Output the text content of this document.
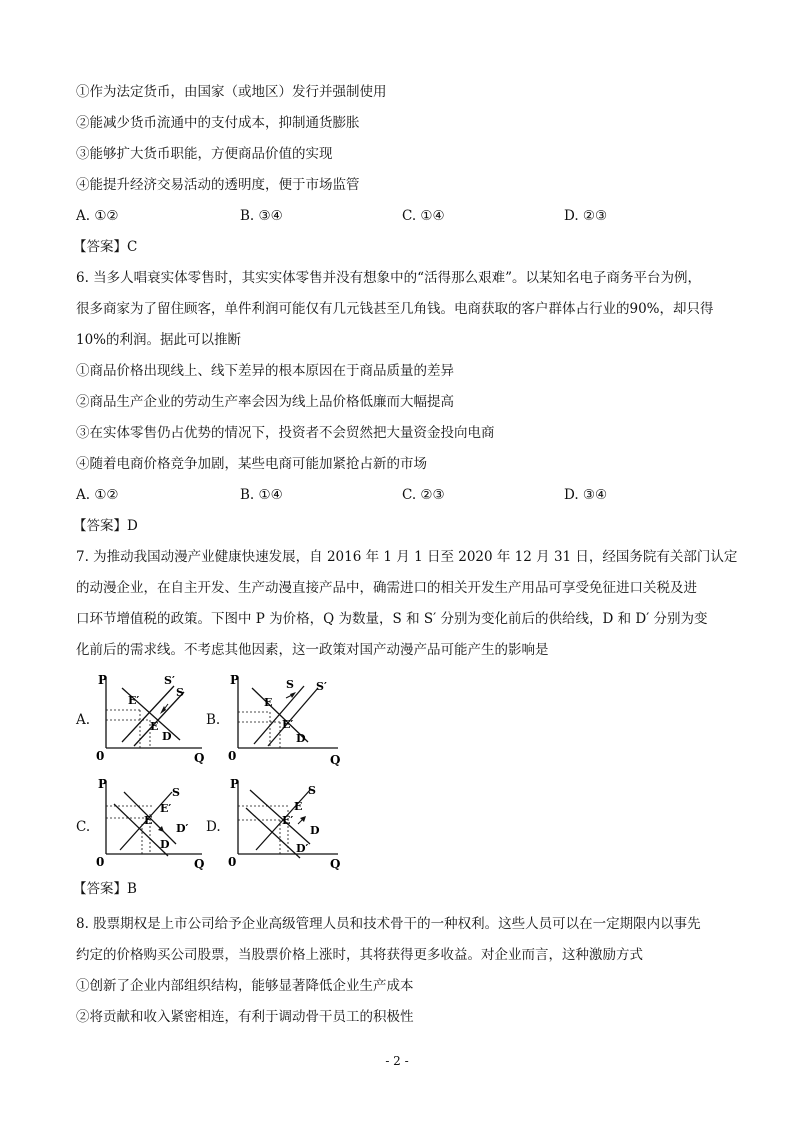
①作为法定货币，由国家（或地区）发行并强制使用
②能减少货币流通中的支付成本，抑制通货膨胀
③能够扩大货币职能，方便商品价值的实现
④能提升经济交易活动的透明度，便于市场监管
A. ①②	B. ③④	C. ①④	D. ②③
【答案】C
6. 当多人唱衰实体零售时，其实实体零售并没有想象中的“活得那么艰难”。以某知名电子商务平台为例，
很多商家为了留住顾客，单件利润可能仅有几元钱甚至几角钱。电商获取的客户群体占行业的90%，却只得
10%的利润。据此可以推断
①商品价格出现线上、线下差异的根本原因在于商品质量的差异
②商品生产企业的劳动生产率会因为线上品价格低廉而大幅提高
③在实体零售仍占优势的情况下，投资者不会贸然把大量资金投向电商
④随着电商价格竞争加剧，某些电商可能加紧抢占新的市场
A. ①②	B. ①④	C. ②③	D. ③④
【答案】D
7. 为推动我国动漫产业健康快速发展，自 2016 年 1 月 1 日至 2020 年 12 月 31 日，经国务院有关部门认定
的动漫企业，在自主开发、生产动漫直接产品中，确需进口的相关开发生产用品可享受免征进口关税及进
口环节增值税的政策。下图中 P 为价格，Q 为数量，S 和 S′ 分别为变化前后的供给线，D 和 D′ 分别为变
化前后的需求线。不考虑其他因素，这一政策对国产动漫产品可能产生的影响是
A.
P
Q
0
S′
S
E′
E
D
B.
P
Q
0
S S′
E
E′
D
C.
P
Q
0
S
E′
E
D′
D
D.
P
Q
0
S
E
E′
D
D′
【答案】B
8. 股票期权是上市公司给予企业高级管理人员和技术骨干的一种权利。这些人员可以在一定期限内以事先
约定的价格购买公司股票，当股票价格上涨时，其将获得更多收益。对企业而言，这种激励方式
①创新了企业内部组织结构，能够显著降低企业生产成本
②将贡献和收入紧密相连，有利于调动骨干员工的积极性
- 2 -
